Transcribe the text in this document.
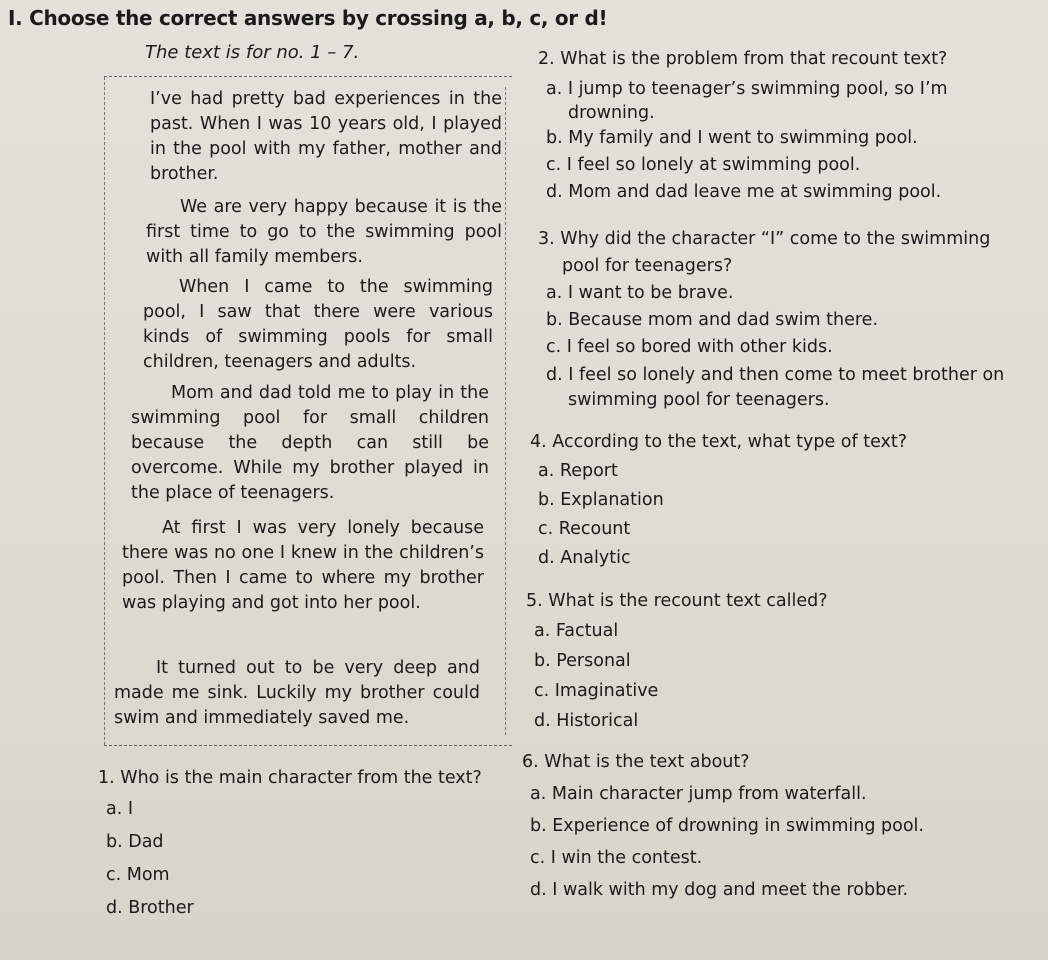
I. Choose the correct answers by crossing a, b, c, or d!
The text is for no. 1 – 7.

I’ve had pretty bad experiences in the past. When I was 10 years old, I played in the pool with my father, mother and brother.

We are very happy because it is the first time to go to the swimming pool with all family members.

When I came to the swimming pool, I saw that there were various kinds of swimming pools for small children, teenagers and adults.

Mom and dad told me to play in the swimming pool for small children because the depth can still be overcome. While my brother played in the place of teenagers.

At first I was very lonely because there was no one I knew in the children’s pool. Then I came to where my brother was playing and got into her pool.

It turned out to be very deep and made me sink. Luckily my brother could swim and immediately saved me.

1. Who is the main character from the text?
a. I
b. Dad
c. Mom
d. Brother
2. What is the problem from that recount text?
a. I jump to teenager’s swimming pool, so I’m drowning.
b. My family and I went to swimming pool.
c. I feel so lonely at swimming pool.
d. Mom and dad leave me at swimming pool.
3. Why did the character “I” come to the swimming pool for teenagers?
a. I want to be brave.
b. Because mom and dad swim there.
c. I feel so bored with other kids.
d. I feel so lonely and then come to meet brother on swimming pool for teenagers.
4. According to the text, what type of text?
a. Report
b. Explanation
c. Recount
d. Analytic
5. What is the recount text called?
a. Factual
b. Personal
c. Imaginative
d. Historical
6. What is the text about?
a. Main character jump from waterfall.
b. Experience of drowning in swimming pool.
c. I win the contest.
d. I walk with my dog and meet the robber.
